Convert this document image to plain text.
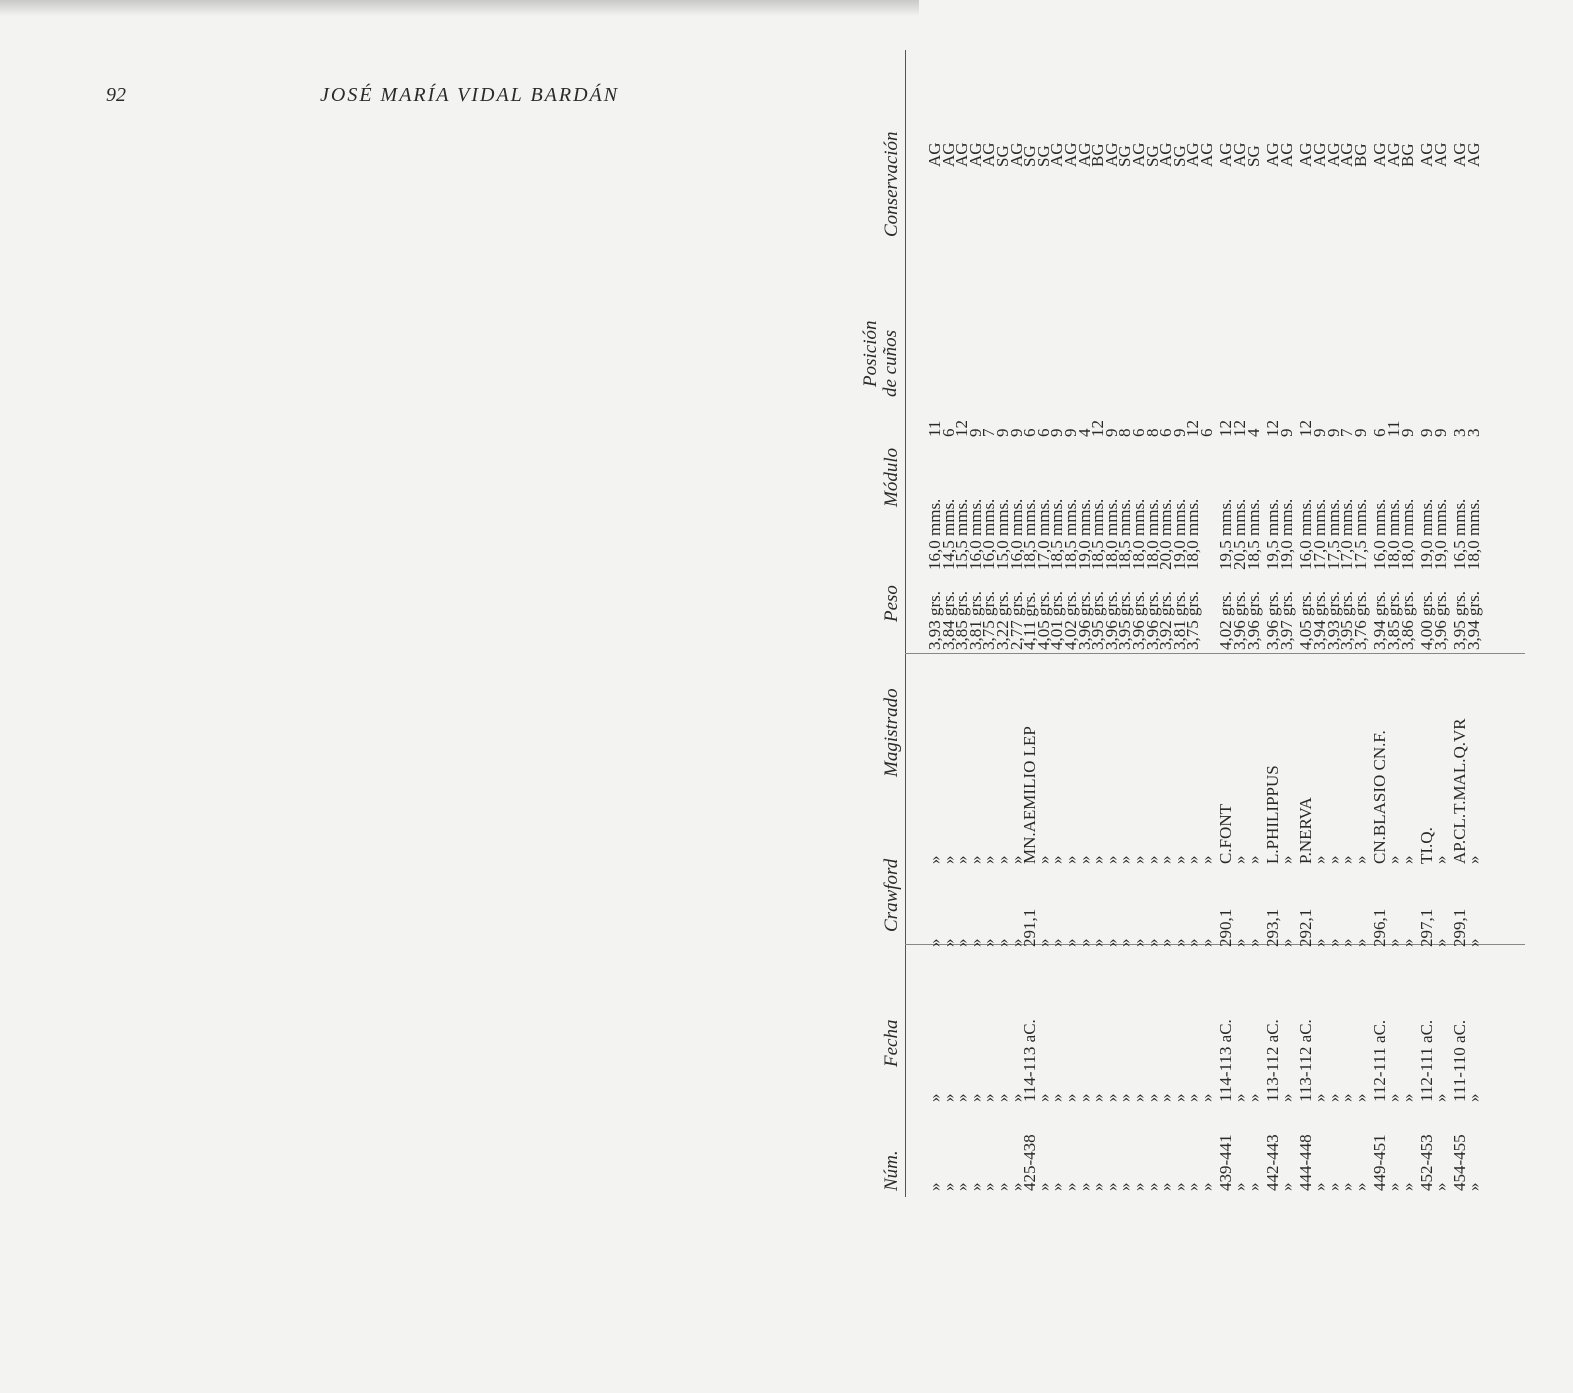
92	JOSÉ MARÍA VIDAL BARDÁN
Núm.
Fecha
Crawford
Magistrado
Peso
Módulo
Posición de cuños
Conservación
»
»
»
»
3,93 grs.
16,0 mms.
11
AG
»
»
»
»
3,84 grs.
14,5 mms.
6
AG
»
»
»
»
3,85 grs.
15,5 mms.
12
AG
»
»
»
»
3,81 grs.
16,0 mms.
9
AG
»
»
»
»
3,75 grs.
16,0 mms.
7
AG
»
»
»
»
3,22 grs.
15,0 mms.
9
SG
»
»
»
»
2,77 grs.
16,0 mms.
9
AG
425-438
114-113 aC.
291,1
MN.AEMILIO LEP
4,11 grs.
18,5 mms.
6
SG
»
»
»
»
4,05 grs.
17,0 mms.
6
SG
»
»
»
»
4,01 grs.
18,5 mms.
9
AG
»
»
»
»
4,02 grs.
18,5 mms.
9
AG
»
»
»
»
3,96 grs.
19,0 mms.
4
AG
»
»
»
»
3,95 grs.
18,5 mms.
12
BG
»
»
»
»
3,96 grs.
18,0 mms.
9
AG
»
»
»
»
3,95 grs.
18,5 mms.
8
SG
»
»
»
»
3,96 grs.
18,0 mms.
6
AG
»
»
»
»
3,96 grs.
18,0 mms.
8
SG
»
»
»
»
3,92 grs.
20,0 mms.
6
AG
»
»
»
»
3,81 grs.
19,0 mms.
9
SG
»
»
»
»
3,75 grs.
18,0 mms.
12
AG
»
»
»
»
6
AG
439-441
114-113 aC.
290,1
C.FONT
4,02 grs.
19,5 mms.
12
AG
»
»
»
»
3,96 grs.
20,5 mms.
12
AG
»
»
»
»
3,96 grs.
18,5 mms.
4
SG
442-443
113-112 aC.
293,1
L.PHILIPPUS
3,96 grs.
19,5 mms.
12
AG
»
»
»
»
3,97 grs.
19,0 mms.
9
AG
444-448
113-112 aC.
292,1
P.NERVA
4,05 grs.
16,0 mms.
12
AG
»
»
»
»
3,94 grs.
17,0 mms.
9
AG
»
»
»
»
3,93 grs.
17,5 mms.
9
AG
»
»
»
»
3,95 grs.
17,0 mms.
7
AG
»
»
»
»
3,76 grs.
17,5 mms.
9
BG
449-451
112-111 aC.
296,1
CN.BLASIO CN.F.
3,94 grs.
16,0 mms.
6
AG
»
»
»
»
3,85 grs.
18,0 mms.
11
AG
»
»
»
»
3,86 grs.
18,0 mms.
9
BG
452-453
112-111 aC.
297,1
TI.Q.
4,00 grs.
19,0 mms.
9
AG
»
»
»
»
3,96 grs.
19,0 mms.
9
AG
454-455
111-110 aC.
299,1
AP.CL.T.MAL.Q.VR
3,95 grs.
16,5 mms.
3
AG
»
»
»
»
3,94 grs.
18,0 mms.
3
AG
